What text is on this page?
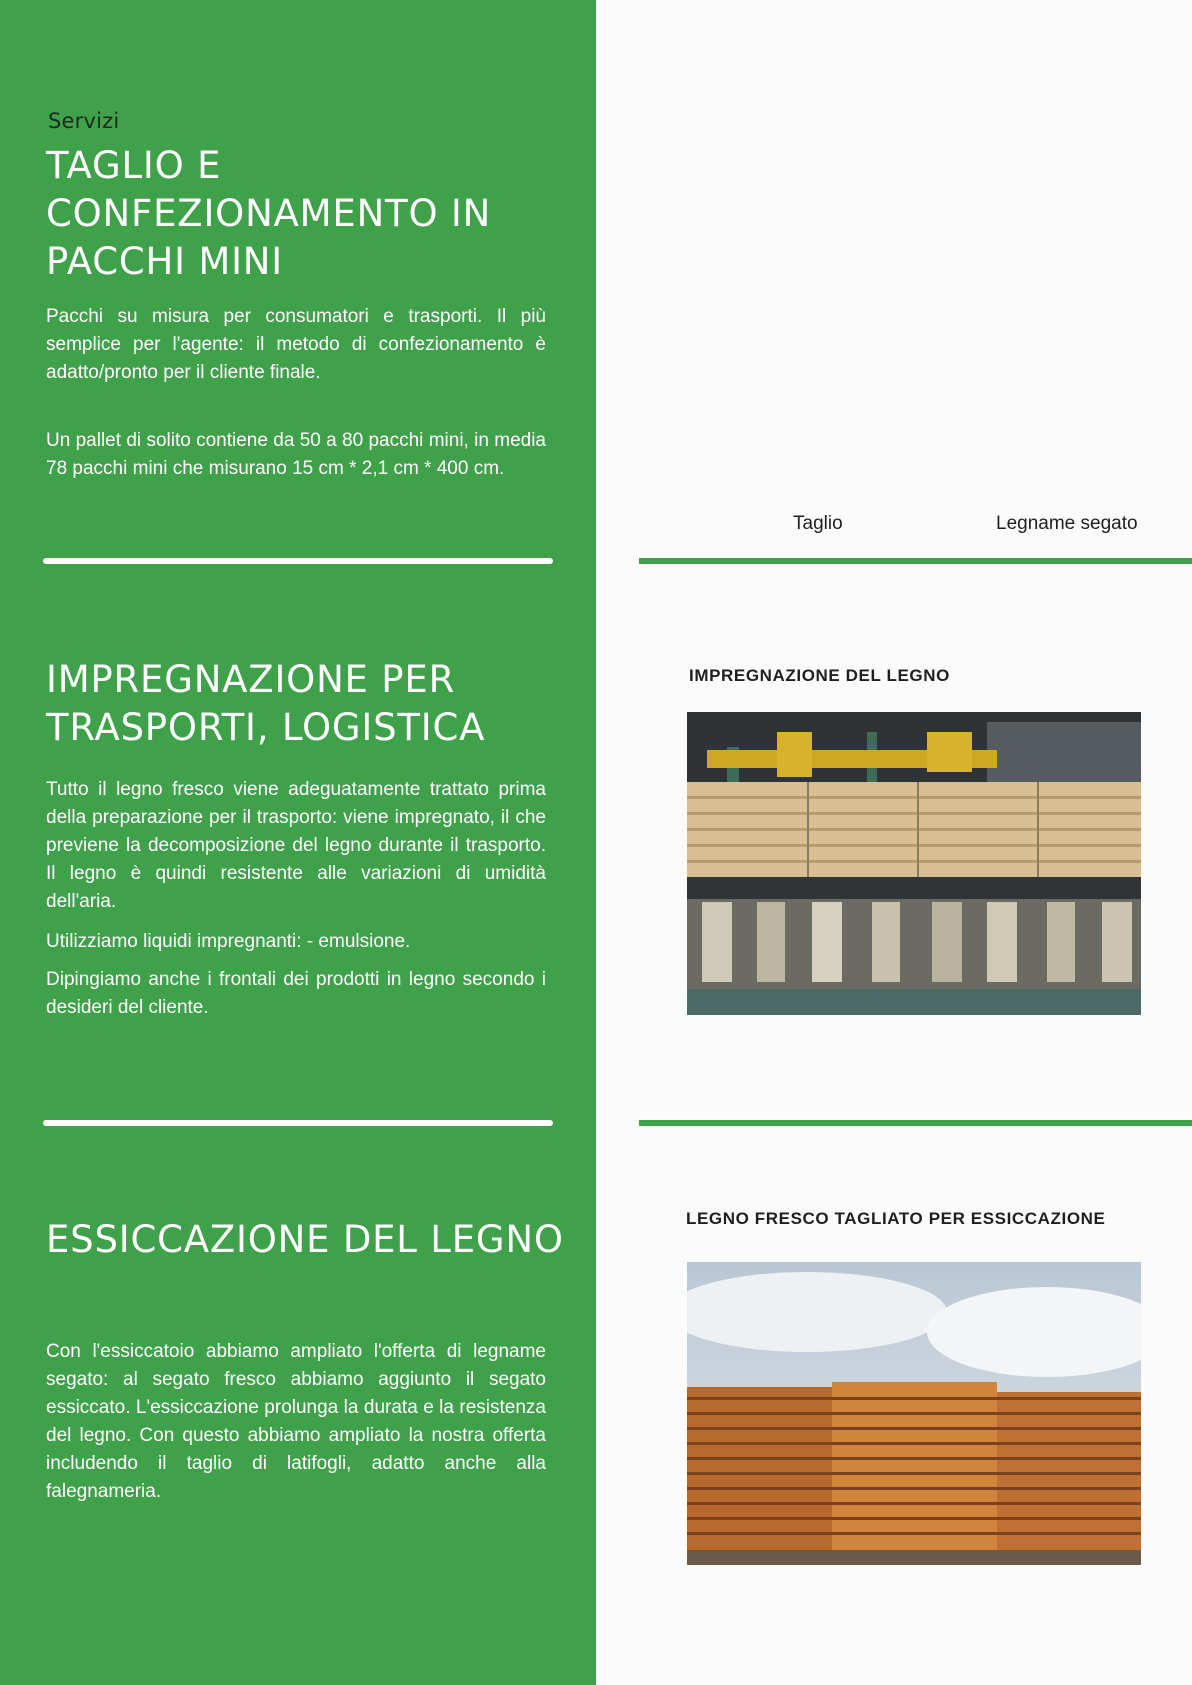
Servizi
TAGLIO E CONFEZIONAMENTO IN PACCHI MINI

Pacchi su misura per consumatori e trasporti. Il più semplice per l'agente: il metodo di confezionamento è adatto/pronto per il cliente finale.

Un pallet di solito contiene da 50 a 80 pacchi mini, in media 78 pacchi mini che misurano 15 cm * 2,1 cm * 400 cm.

IMPREGNAZIONE PER TRASPORTI, LOGISTICA

Tutto il legno fresco viene adeguatamente trattato prima della preparazione per il trasporto: viene impregnato, il che previene la decomposizione del legno durante il trasporto. Il legno è quindi resistente alle variazioni di umidità dell'aria.

Utilizziamo liquidi impregnanti: - emulsione.

Dipingiamo anche i frontali dei prodotti in legno secondo i desideri del cliente.

ESSICCAZIONE DEL LEGNO

Con l'essiccatoio abbiamo ampliato l'offerta di legname segato: al segato fresco abbiamo aggiunto il segato essiccato. L'essiccazione prolunga la durata e la resistenza del legno. Con questo abbiamo ampliato la nostra offerta includendo il taglio di latifogli, adatto anche alla falegnameria.

Taglio	Legname segato
IMPREGNAZIONE DEL LEGNO
LEGNO FRESCO TAGLIATO PER ESSICCAZIONE
